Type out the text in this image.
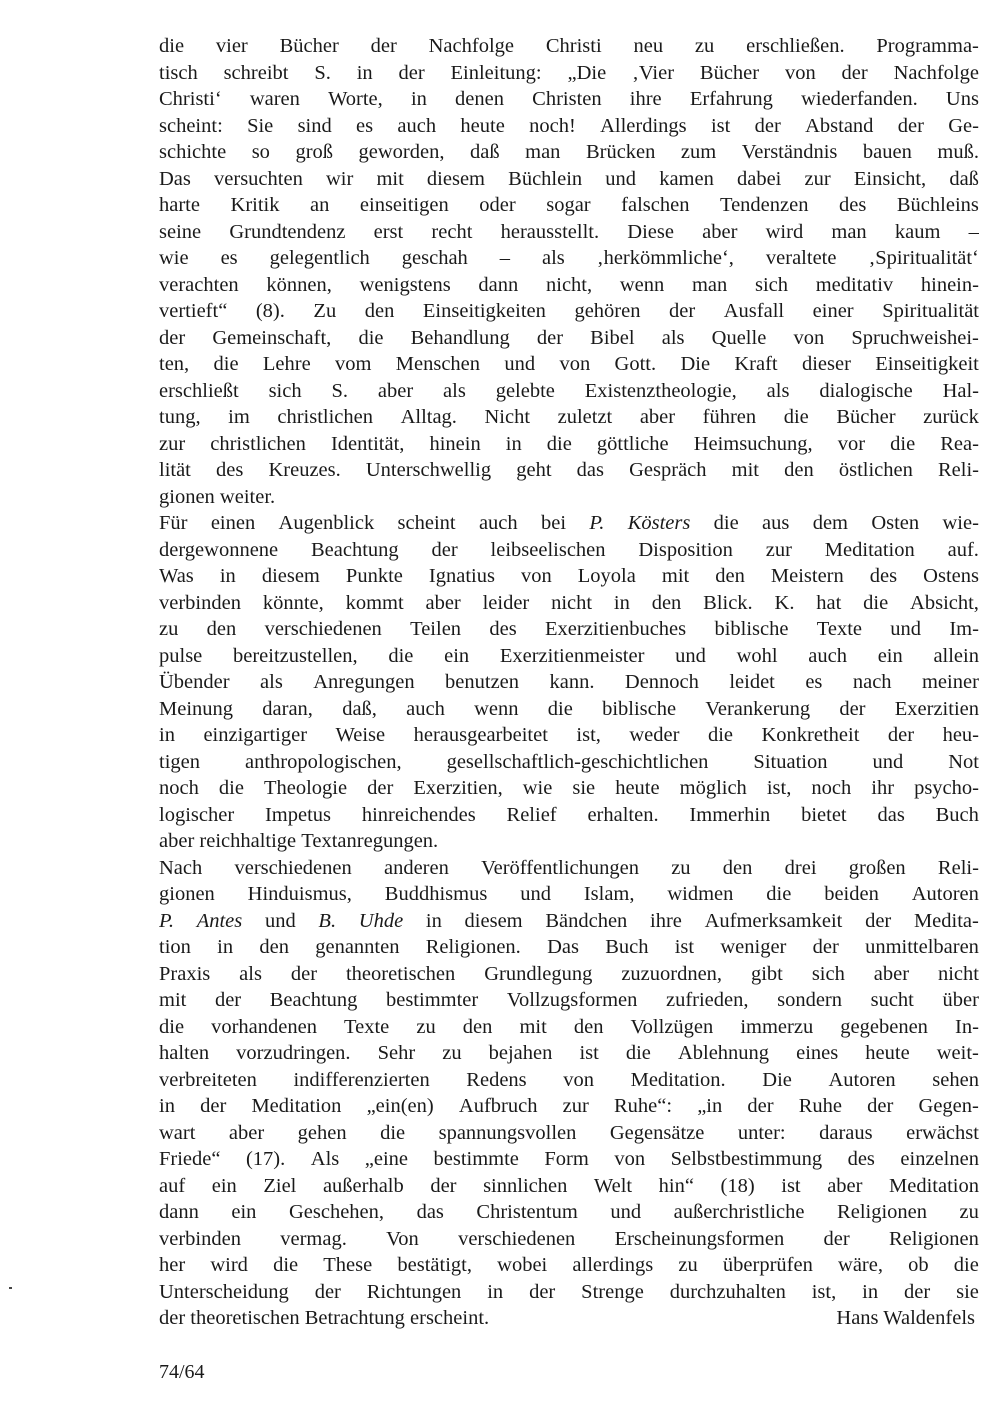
die vier Bücher der Nachfolge Christi neu zu erschließen. Programma-
tisch schreibt S. in der Einleitung: „Die ‚Vier Bücher von der Nachfolge
Christi‘ waren Worte, in denen Christen ihre Erfahrung wiederfanden. Uns
scheint: Sie sind es auch heute noch! Allerdings ist der Abstand der Ge-
schichte so groß geworden, daß man Brücken zum Verständnis bauen muß.
Das versuchten wir mit diesem Büchlein und kamen dabei zur Einsicht, daß
harte Kritik an einseitigen oder sogar falschen Tendenzen des Büchleins
seine Grundtendenz erst recht herausstellt. Diese aber wird man kaum –
wie es gelegentlich geschah – als ‚herkömmliche‘, veraltete ‚Spiritualität‘
verachten können, wenigstens dann nicht, wenn man sich meditativ hinein-
vertieft“ (8). Zu den Einseitigkeiten gehören der Ausfall einer Spiritualität
der Gemeinschaft, die Behandlung der Bibel als Quelle von Spruchweishei-
ten, die Lehre vom Menschen und von Gott. Die Kraft dieser Einseitigkeit
erschließt sich S. aber als gelebte Existenztheologie, als dialogische Hal-
tung, im christlichen Alltag. Nicht zuletzt aber führen die Bücher zurück
zur christlichen Identität, hinein in die göttliche Heimsuchung, vor die Rea-
lität des Kreuzes. Unterschwellig geht das Gespräch mit den östlichen Reli-
gionen
weiter.
Für einen Augenblick scheint auch bei P. Kösters die aus dem Osten wie-
dergewonnene Beachtung der leibseelischen Disposition zur Meditation auf.
Was in diesem Punkte Ignatius von Loyola mit den Meistern des Ostens
verbinden könnte, kommt aber leider nicht in den Blick. K. hat die Absicht,
zu den verschiedenen Teilen des Exerzitienbuches biblische Texte und Im-
pulse bereitzustellen, die ein Exerzitienmeister und wohl auch ein allein
Übender als Anregungen benutzen kann. Dennoch leidet es nach meiner
Meinung daran, daß, auch wenn die biblische Verankerung der Exerzitien
in einzigartiger Weise herausgearbeitet ist, weder die Konkretheit der heu-
tigen anthropologischen, gesellschaftlich-geschichtlichen Situation und Not
noch die Theologie der Exerzitien, wie sie heute möglich ist, noch ihr psycho-
logischer Impetus hinreichendes Relief erhalten. Immerhin bietet das Buch
aber
reichhaltige
Textanregungen.
Nach verschiedenen anderen Veröffentlichungen zu den drei großen Reli-
gionen Hinduismus, Buddhismus und Islam, widmen die beiden Autoren
P. Antes und B. Uhde in diesem Bändchen ihre Aufmerksamkeit der Medita-
tion in den genannten Religionen. Das Buch ist weniger der unmittelbaren
Praxis als der theoretischen Grundlegung zuzuordnen, gibt sich aber nicht
mit der Beachtung bestimmter Vollzugsformen zufrieden, sondern sucht über
die vorhandenen Texte zu den mit den Vollzügen immerzu gegebenen In-
halten vorzudringen. Sehr zu bejahen ist die Ablehnung eines heute weit-
verbreiteten indifferenzierten Redens von Meditation. Die Autoren sehen
in der Meditation „ein(en) Aufbruch zur Ruhe“: „in der Ruhe der Gegen-
wart aber gehen die spannungsvollen Gegensätze unter: daraus erwächst
Friede“ (17). Als „eine bestimmte Form von Selbstbestimmung des einzelnen
auf ein Ziel außerhalb der sinnlichen Welt hin“ (18) ist aber Meditation
dann ein Geschehen, das Christentum und außerchristliche Religionen zu
verbinden vermag. Von verschiedenen Erscheinungsformen der Religionen
her wird die These bestätigt, wobei allerdings zu überprüfen wäre, ob die
Unterscheidung der Richtungen in der Strenge durchzuhalten ist, in der sie
der theoretischen Betrachtung erscheint.	Hans Waldenfels
74/64
